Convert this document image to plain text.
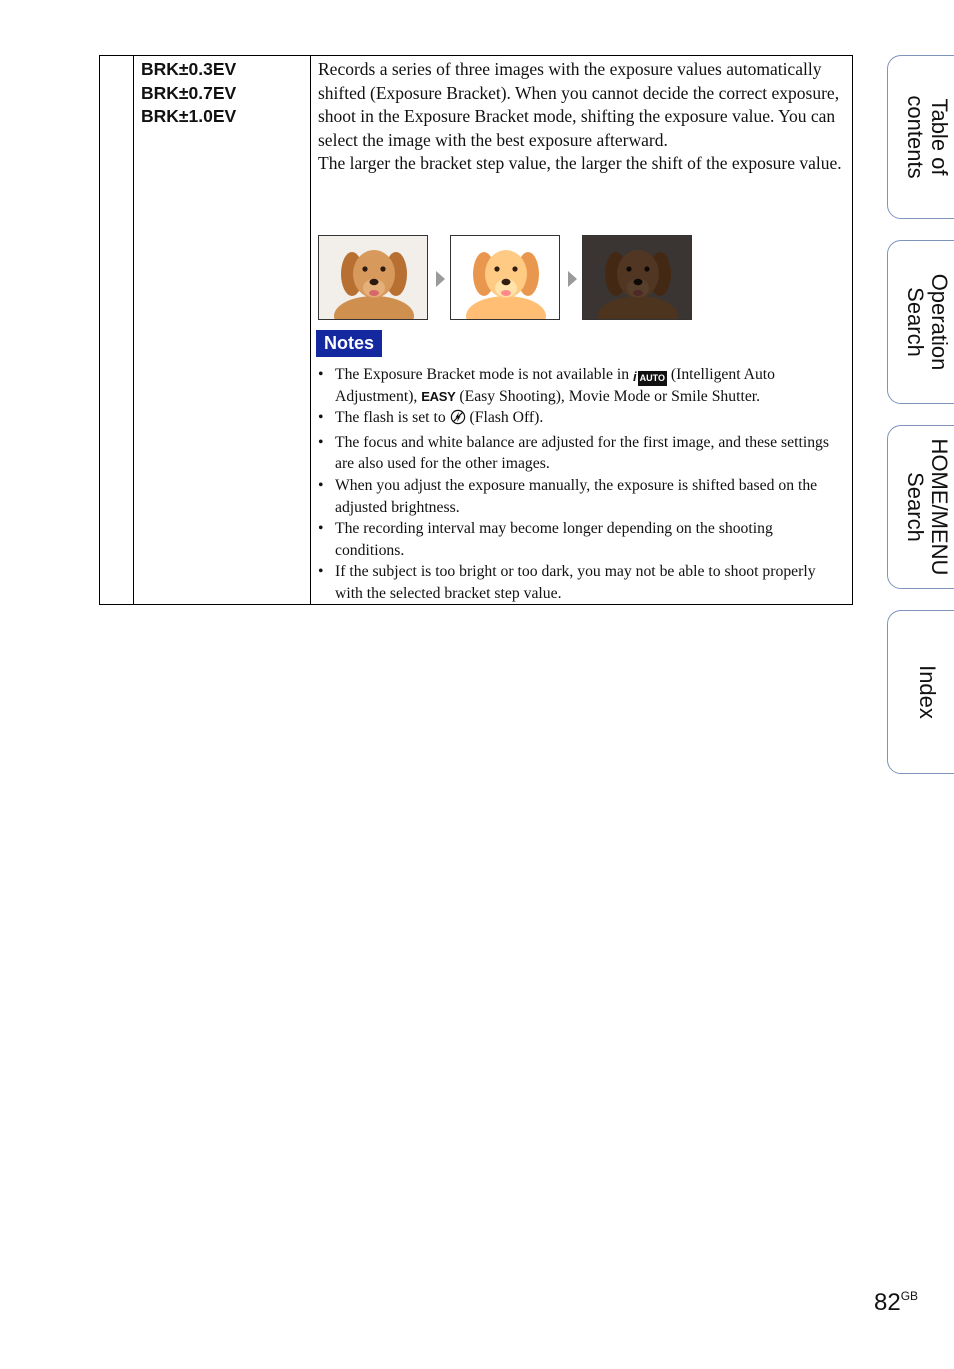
BRK±0.3EV
BRK±0.7EV
BRK±1.0EV

Records a series of three images with the exposure values automatically shifted (Exposure Bracket). When you cannot decide the correct exposure, shoot in the Exposure Bracket mode, shifting the exposure value. You can select the image with the best exposure afterward.

The larger the bracket step value, the larger the shift of the exposure value.

Notes
• The Exposure Bracket mode is not available in i AUTO (Intelligent Auto Adjustment), EASY (Easy Shooting), Movie Mode or Smile Shutter.
• The flash is set to  (Flash Off).
• The focus and white balance are adjusted for the first image, and these settings are also used for the other images.
• When you adjust the exposure manually, the exposure is shifted based on the adjusted brightness.
• The recording interval may become longer depending on the shooting conditions.
• If the subject is too bright or too dark, you may not be able to shoot properly with the selected bracket step value.
Table of
contents
Operation
Search
HOME/MENU
Search
Index
$82^{GB}$
